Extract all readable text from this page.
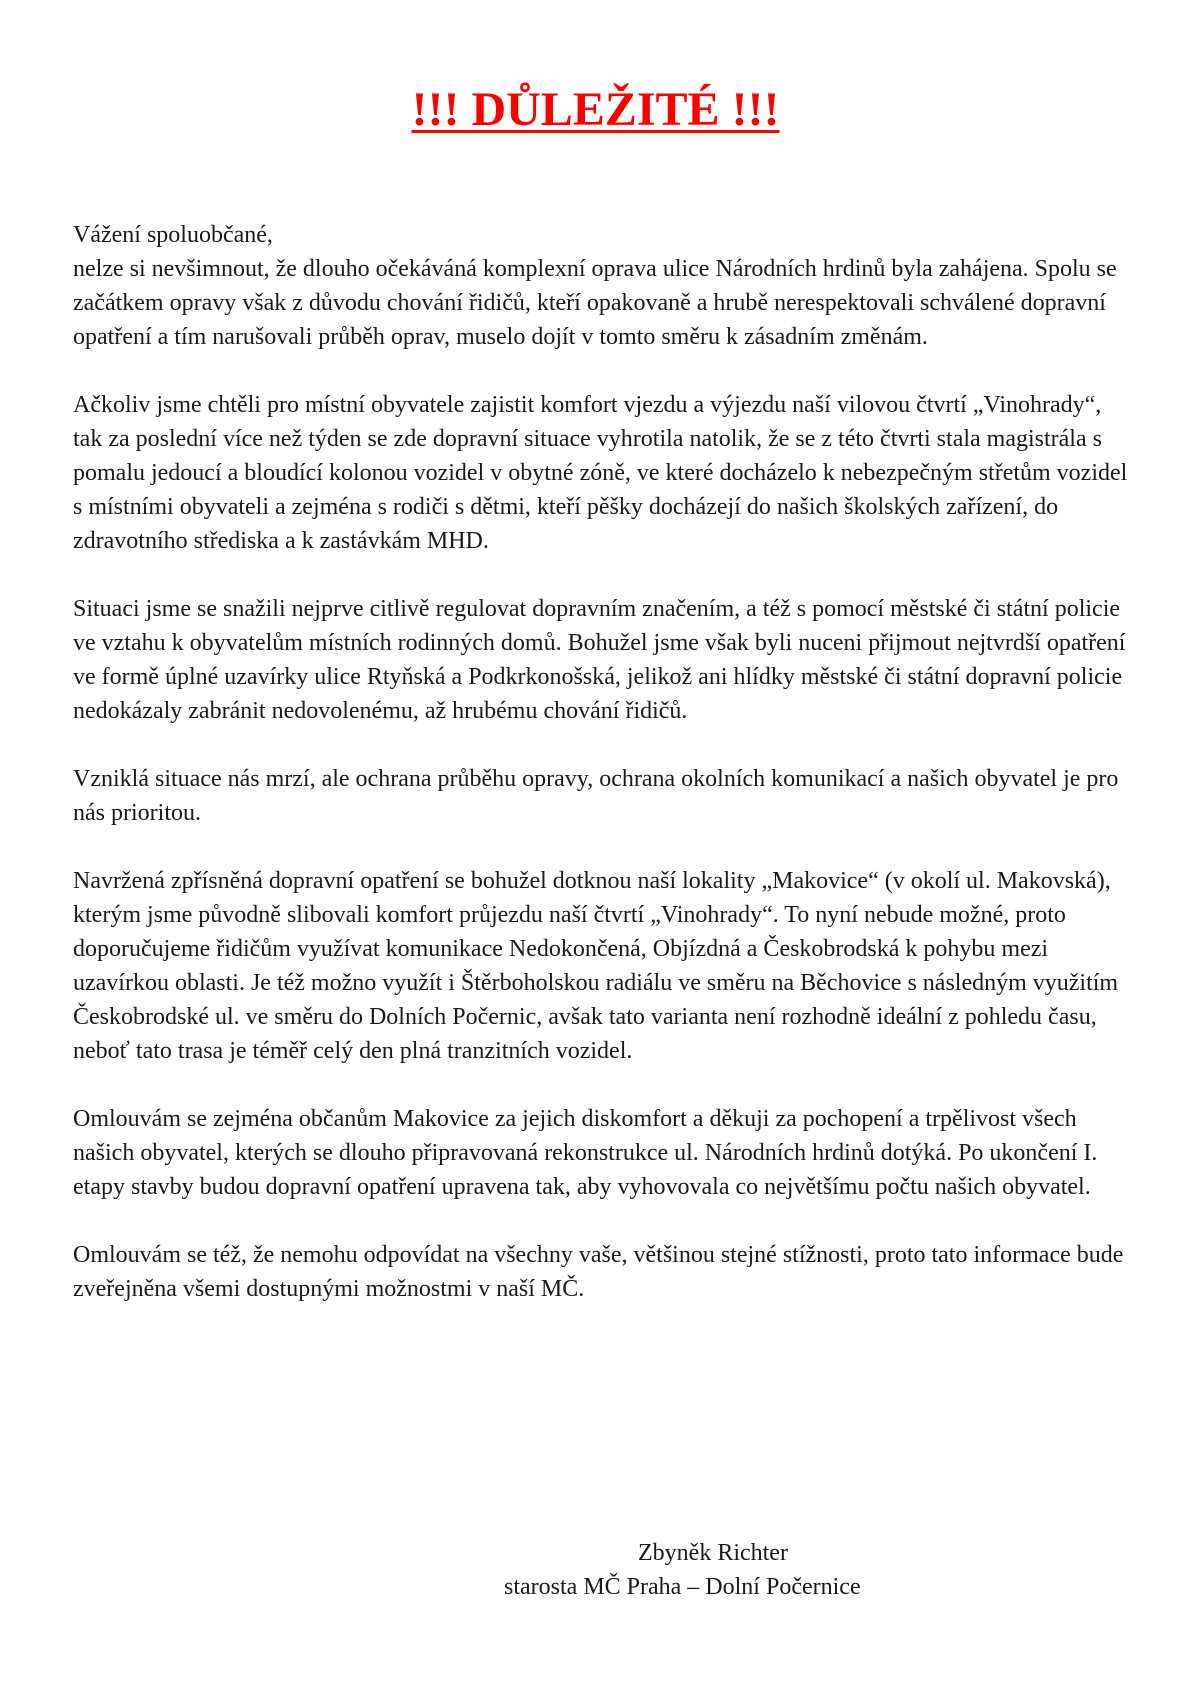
!!! DŮLEŽITÉ !!!

Vážení spoluobčané,
nelze si nevšimnout, že dlouho očekáváná komplexní oprava ulice Národních hrdinů byla zahájena. Spolu se začátkem opravy však z důvodu chování řidičů, kteří opakovaně a hrubě nerespektovali schválené dopravní opatření a tím narušovali průběh oprav, muselo dojít v tomto směru k zásadním změnám.

Ačkoliv jsme chtěli pro místní obyvatele zajistit komfort vjezdu a výjezdu naší vilovou čtvrtí „Vinohrady“, tak za poslední více než týden se zde dopravní situace vyhrotila natolik, že se z této čtvrti stala magistrála s pomalu jedoucí a bloudící kolonou vozidel v obytné zóně, ve které docházelo k nebezpečným střetům vozidel s místními obyvateli a zejména s rodiči s dětmi, kteří pěšky docházejí do našich školských zařízení, do zdravotního střediska a k zastávkám MHD.

Situaci jsme se snažili nejprve citlivě regulovat dopravním značením, a též s pomocí městské či státní policie ve vztahu k obyvatelům místních rodinných domů. Bohužel jsme však byli nuceni přijmout nejtvrdší opatření ve formě úplné uzavírky ulice Rtyňská a Podkrkonošská, jelikož ani hlídky městské či státní dopravní policie nedokázaly zabránit nedovolenému, až hrubému chování řidičů.

Vzniklá situace nás mrzí, ale ochrana průběhu opravy, ochrana okolních komunikací a našich obyvatel je pro nás prioritou.

Navržená zpřísněná dopravní opatření se bohužel dotknou naší lokality „Makovice“ (v okolí ul. Makovská), kterým jsme původně slibovali komfort průjezdu naší čtvrtí „Vinohrady“. To nyní nebude možné, proto doporučujeme řidičům využívat komunikace Nedokončená, Objízdná a Českobrodská k pohybu mezi uzavírkou oblasti. Je též možno využít i Štěrboholskou radiálu ve směru na Běchovice s následným využitím Českobrodské ul. ve směru do Dolních Počernic, avšak tato varianta není rozhodně ideální z pohledu času, neboť tato trasa je téměř celý den plná tranzitních vozidel.

Omlouvám se zejména občanům Makovice za jejich diskomfort a děkuji za pochopení a trpělivost všech našich obyvatel, kterých se dlouho připravovaná rekonstrukce ul. Národních hrdinů dotýká. Po ukončení I. etapy stavby budou dopravní opatření upravena tak, aby vyhovovala co největšímu počtu našich obyvatel.

Omlouvám se též, že nemohu odpovídat na všechny vaše, většinou stejné stížnosti, proto tato informace bude zveřejněna všemi dostupnými možnostmi v naší MČ.

Zbyněk Richter
starosta MČ Praha – Dolní Počernice
